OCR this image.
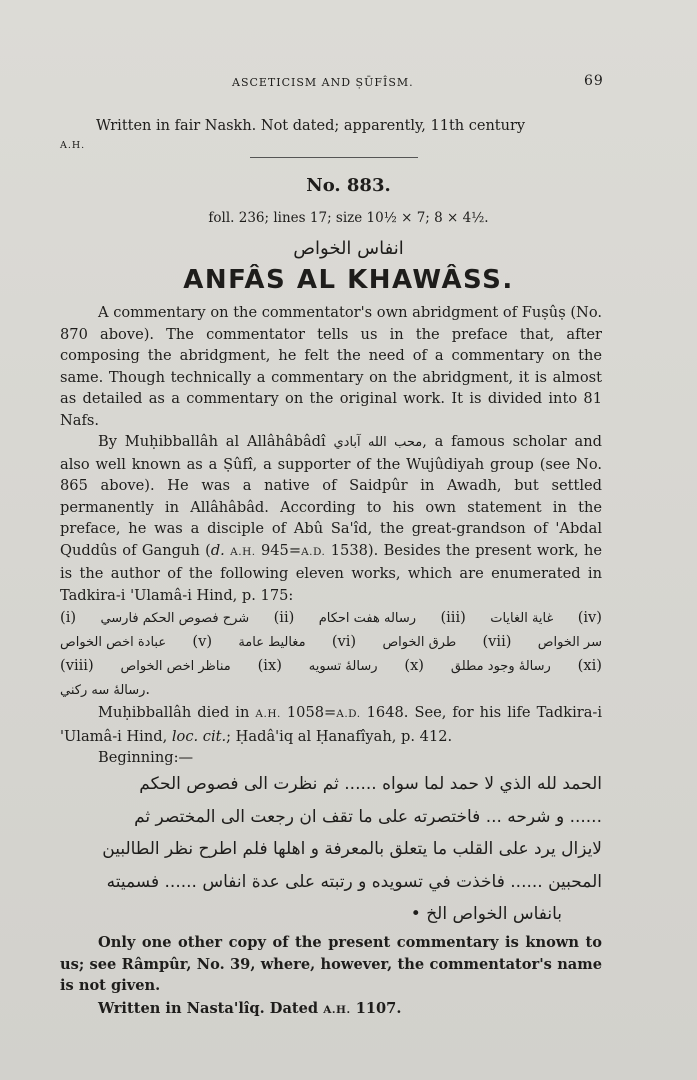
ASCETICISM AND ṢŪFÎSM.	69
Written in fair Naskh. Not dated; apparently, 11th century
A.H.
No. 883.
foll. 236; lines 17; size 10½ × 7; 8 × 4½.
انفاس الخواص
ANFÂS AL KHAWÂSS.

A commentary on the commentator's own abridgment of Fuṣûṣ (No. 870 above). The commentator tells us in the preface that, after composing the abridgment, he felt the need of a commentary on the same. Though technically a commentary on the abridgment, it is almost as detailed as a commentary on the original work. It is divided into 81 Nafs.

By Muḥibballâh al Allâhâbâdî محب الله آبادي, a famous scholar and also well known as a Ṣûfî, a supporter of the Wujûdiyah group (see No. 865 above). He was a native of Saidpûr in Awadh, but settled permanently in Allâhâbâd. According to his own statement in the preface, he was a disciple of Abû Sa'îd, the great-grandson of 'Abdal Quddûs of Ganguh (d. A.H. 945=A.D. 1538). Besides the present work, he is the author of the following eleven works, which are enumerated in Tadkira-i 'Ulamâ-i Hind, p. 175:

(i) شرح فصوص الحكم فارسي (ii) رساله هفت احكام (iii) غاية الغايات (iv)
عبادة اخص الخواص (v) مغاليط عامة (vi) طرق الخواص (vii) سر الخواص
(viii) مناظر اخص الخواص (ix) رسالهٔ تسويه (x) رسالهٔ وجود مطلق (xi)
رسالهٔ سه ركني .

Muḥibballâh died in A.H. 1058=A.D. 1648. See, for his life Tadkira-i 'Ulamâ-i Hind, loc. cit.; Ḥadâ'iq al Ḥanafîyah, p. 412.

Beginning:—

الحمد لله الذي لا حمد لما سواه ...... ثم نظرت الى فصوص الحكم
...... و شرحه ... فاختصرته على ما تقف ان رجعت الى المختصر ثم
لايزال يرد على القلب ما يتعلق بالمعرفة و اهلها فلم اطرح نظر الطالبين
المحبين ...... فاخذت في تسويده و رتبته على عدة انفاس ...... فسميته
بانفاس الخواص الخ •

Only one other copy of the present commentary is known to us; see Râmpûr, No. 39, where, however, the commentator's name is not given.

Written in Nasta'lîq. Dated A.H. 1107.
